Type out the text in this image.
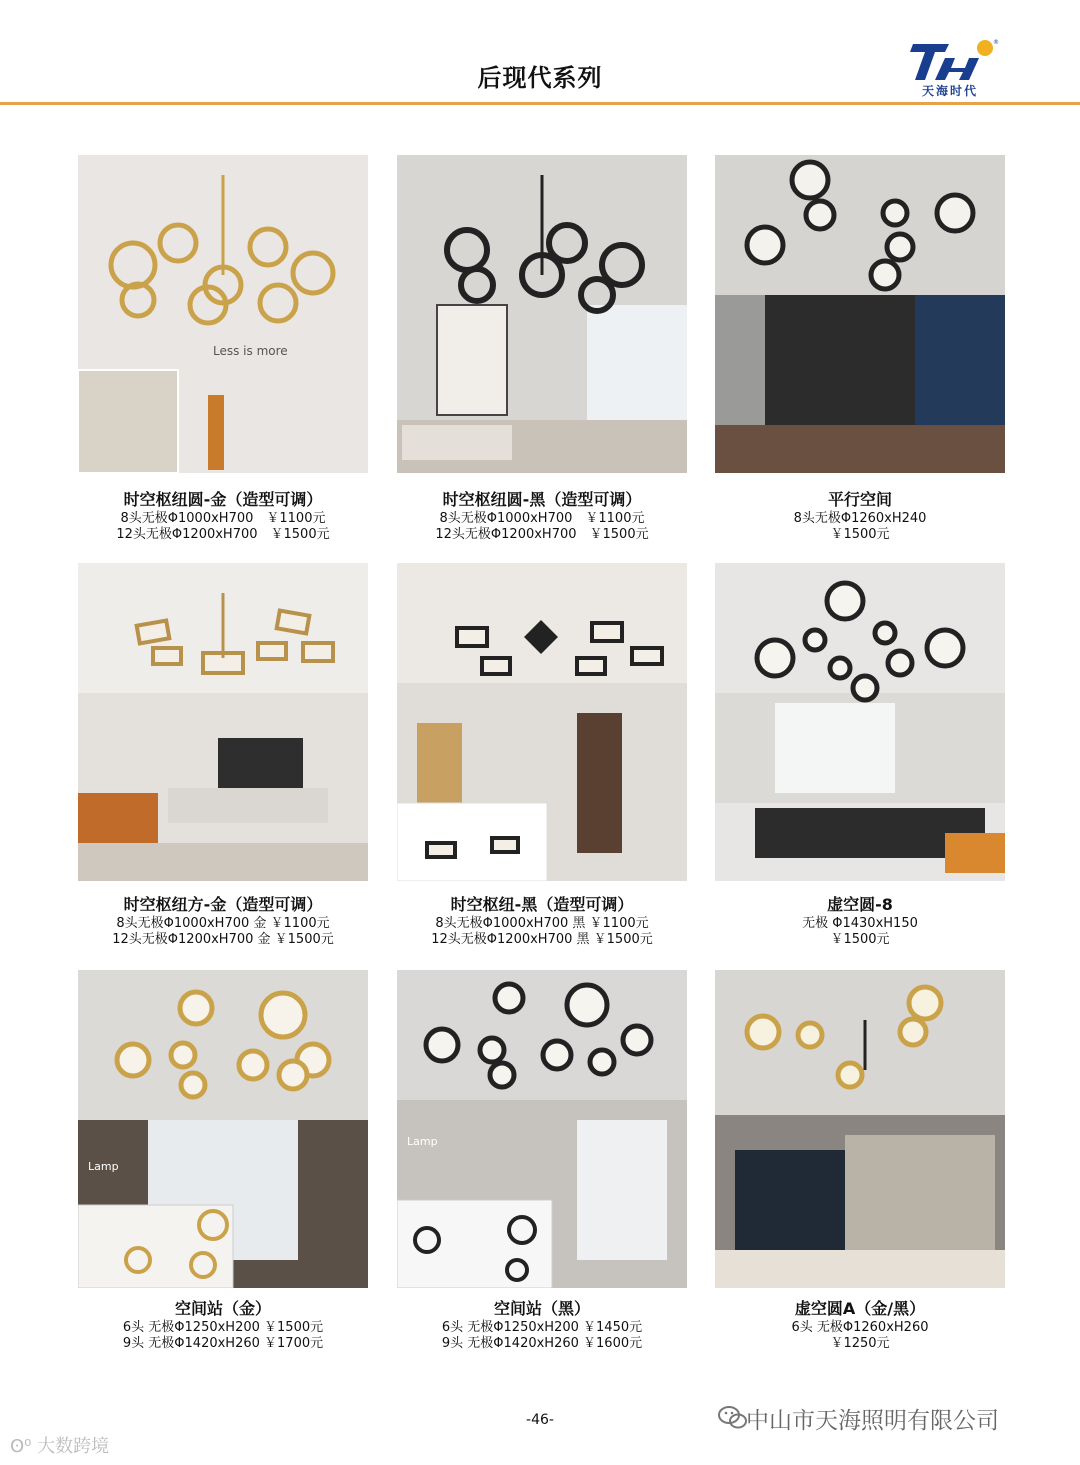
后现代系列
®
天海时代
Less is more
时空枢纽圆-金（造型可调）
8头无极Φ1000xH700　￥1100元
12头无极Φ1200xH700　￥1500元
时空枢纽圆-黑（造型可调）
8头无极Φ1000xH700　￥1100元
12头无极Φ1200xH700　￥1500元
平行空间
8头无极Φ1260xH240
￥1500元
时空枢纽方-金（造型可调）
8头无极Φ1000xH700 金 ￥1100元
12头无极Φ1200xH700 金 ￥1500元
时空枢纽-黑（造型可调）
8头无极Φ1000xH700 黑 ￥1100元
12头无极Φ1200xH700 黑 ￥1500元
虚空圆-8
无极 Φ1430xH150
￥1500元
Lamp
空间站（金）
6头 无极Φ1250xH200 ￥1500元
9头 无极Φ1420xH260 ￥1700元
Lamp
空间站（黑）
6头 无极Φ1250xH200 ￥1450元
9头 无极Φ1420xH260 ￥1600元
虚空圆A（金/黑）
6头 无极Φ1260xH260
￥1250元
-46-	中山市天海照明有限公司
ʘ⁰ 大数跨境
